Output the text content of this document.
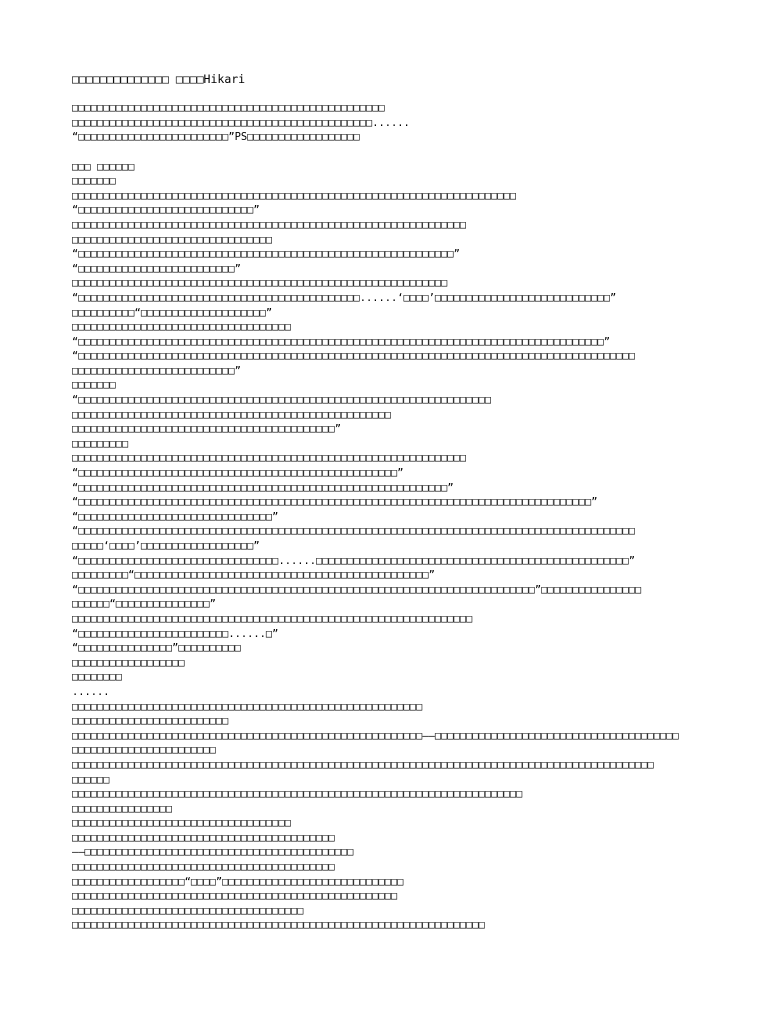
□□□□□□□□□□□□□□ □□□□Hikari
□□□□□□□□□□□□□□□□□□□□□□□□□□□□□□□□□□□□□□□□□□□□□□□□□□
□□□□□□□□□□□□□□□□□□□□□□□□□□□□□□□□□□□□□□□□□□□□□□□□......
“□□□□□□□□□□□□□□□□□□□□□□□□”PS□□□□□□□□□□□□□□□□□□
□□□ □□□□□□
□□□□□□□
□□□□□□□□□□□□□□□□□□□□□□□□□□□□□□□□□□□□□□□□□□□□□□□□□□□□□□□□□□□□□□□□□□□□□□□
“□□□□□□□□□□□□□□□□□□□□□□□□□□□□”
□□□□□□□□□□□□□□□□□□□□□□□□□□□□□□□□□□□□□□□□□□□□□□□□□□□□□□□□□□□□□□□
□□□□□□□□□□□□□□□□□□□□□□□□□□□□□□□□
“□□□□□□□□□□□□□□□□□□□□□□□□□□□□□□□□□□□□□□□□□□□□□□□□□□□□□□□□□□□□”
“□□□□□□□□□□□□□□□□□□□□□□□□□”
□□□□□□□□□□□□□□□□□□□□□□□□□□□□□□□□□□□□□□□□□□□□□□□□□□□□□□□□□□□□
“□□□□□□□□□□□□□□□□□□□□□□□□□□□□□□□□□□□□□□□□□□□□□......‘□□□□’□□□□□□□□□□□□□□□□□□□□□□□□□□□□”
□□□□□□□□□□“□□□□□□□□□□□□□□□□□□□□”
□□□□□□□□□□□□□□□□□□□□□□□□□□□□□□□□□□□
“□□□□□□□□□□□□□□□□□□□□□□□□□□□□□□□□□□□□□□□□□□□□□□□□□□□□□□□□□□□□□□□□□□□□□□□□□□□□□□□□□□□□”
“□□□□□□□□□□□□□□□□□□□□□□□□□□□□□□□□□□□□□□□□□□□□□□□□□□□□□□□□□□□□□□□□□□□□□□□□□□□□□□□□□□□□□□□□□
□□□□□□□□□□□□□□□□□□□□□□□□□□”
□□□□□□□
“□□□□□□□□□□□□□□□□□□□□□□□□□□□□□□□□□□□□□□□□□□□□□□□□□□□□□□□□□□□□□□□□□□
□□□□□□□□□□□□□□□□□□□□□□□□□□□□□□□□□□□□□□□□□□□□□□□□□□□
□□□□□□□□□□□□□□□□□□□□□□□□□□□□□□□□□□□□□□□□□□”
□□□□□□□□□
□□□□□□□□□□□□□□□□□□□□□□□□□□□□□□□□□□□□□□□□□□□□□□□□□□□□□□□□□□□□□□□
“□□□□□□□□□□□□□□□□□□□□□□□□□□□□□□□□□□□□□□□□□□□□□□□□□□□”
“□□□□□□□□□□□□□□□□□□□□□□□□□□□□□□□□□□□□□□□□□□□□□□□□□□□□□□□□□□□”
“□□□□□□□□□□□□□□□□□□□□□□□□□□□□□□□□□□□□□□□□□□□□□□□□□□□□□□□□□□□□□□□□□□□□□□□□□□□□□□□□□□”
“□□□□□□□□□□□□□□□□□□□□□□□□□□□□□□□”
“□□□□□□□□□□□□□□□□□□□□□□□□□□□□□□□□□□□□□□□□□□□□□□□□□□□□□□□□□□□□□□□□□□□□□□□□□□□□□□□□□□□□□□□□□
□□□□□‘□□□□’□□□□□□□□□□□□□□□□□□”
“□□□□□□□□□□□□□□□□□□□□□□□□□□□□□□□□......□□□□□□□□□□□□□□□□□□□□□□□□□□□□□□□□□□□□□□□□□□□□□□□□□□”
□□□□□□□□□“□□□□□□□□□□□□□□□□□□□□□□□□□□□□□□□□□□□□□□□□□□□□□□□”
“□□□□□□□□□□□□□□□□□□□□□□□□□□□□□□□□□□□□□□□□□□□□□□□□□□□□□□□□□□□□□□□□□□□□□□□□□”□□□□□□□□□□□□□□□□
□□□□□□“□□□□□□□□□□□□□□□”
□□□□□□□□□□□□□□□□□□□□□□□□□□□□□□□□□□□□□□□□□□□□□□□□□□□□□□□□□□□□□□□□
“□□□□□□□□□□□□□□□□□□□□□□□□......□”
“□□□□□□□□□□□□□□□”□□□□□□□□□□
□□□□□□□□□□□□□□□□□□
□□□□□□□□
......
□□□□□□□□□□□□□□□□□□□□□□□□□□□□□□□□□□□□□□□□□□□□□□□□□□□□□□□□
□□□□□□□□□□□□□□□□□□□□□□□□□
□□□□□□□□□□□□□□□□□□□□□□□□□□□□□□□□□□□□□□□□□□□□□□□□□□□□□□□□——□□□□□□□□□□□□□□□□□□□□□□□□□□□□□□□□□□□□□□□
□□□□□□□□□□□□□□□□□□□□□□□
□□□□□□□□□□□□□□□□□□□□□□□□□□□□□□□□□□□□□□□□□□□□□□□□□□□□□□□□□□□□□□□□□□□□□□□□□□□□□□□□□□□□□□□□□□□□□
□□□□□□
□□□□□□□□□□□□□□□□□□□□□□□□□□□□□□□□□□□□□□□□□□□□□□□□□□□□□□□□□□□□□□□□□□□□□□□□
□□□□□□□□□□□□□□□□
□□□□□□□□□□□□□□□□□□□□□□□□□□□□□□□□□□□
□□□□□□□□□□□□□□□□□□□□□□□□□□□□□□□□□□□□□□□□□□
——□□□□□□□□□□□□□□□□□□□□□□□□□□□□□□□□□□□□□□□□□□□
□□□□□□□□□□□□□□□□□□□□□□□□□□□□□□□□□□□□□□□□□□
□□□□□□□□□□□□□□□□□□“□□□□”□□□□□□□□□□□□□□□□□□□□□□□□□□□□□
□□□□□□□□□□□□□□□□□□□□□□□□□□□□□□□□□□□□□□□□□□□□□□□□□□□□
□□□□□□□□□□□□□□□□□□□□□□□□□□□□□□□□□□□□□
□□□□□□□□□□□□□□□□□□□□□□□□□□□□□□□□□□□□□□□□□□□□□□□□□□□□□□□□□□□□□□□□□□
